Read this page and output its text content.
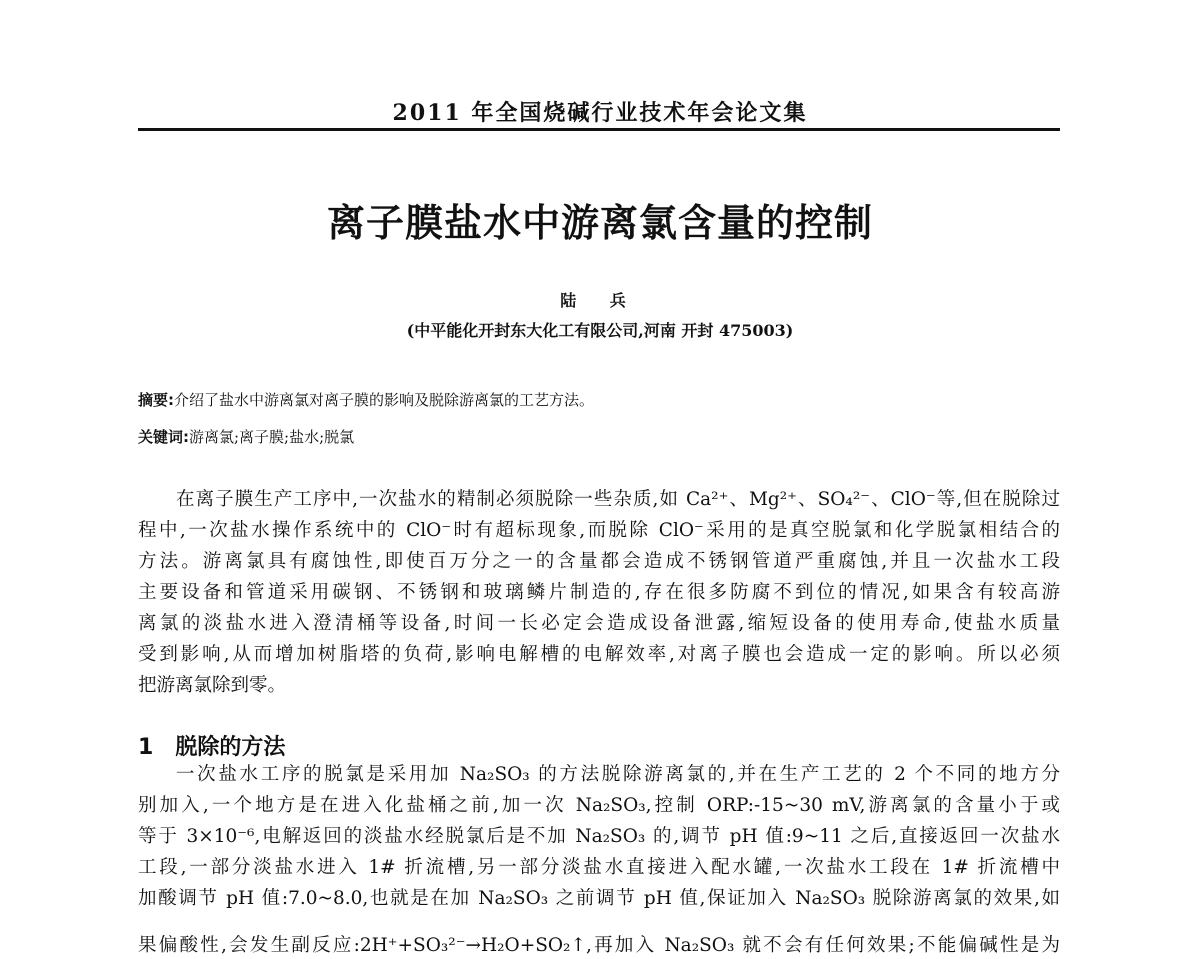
2011 年全国烧碱行业技术年会论文集
离子膜盐水中游离氯含量的控制
陆 兵
(中平能化开封东大化工有限公司,河南 开封 475003)
摘要:介绍了盐水中游离氯对离子膜的影响及脱除游离氯的工艺方法。
关键词:游离氯;离子膜;盐水;脱氯
在离子膜生产工序中,一次盐水的精制必须脱除一些杂质,如 Ca²⁺、Mg²⁺、SO₄²⁻、ClO⁻等,但在脱除过
程中,一次盐水操作系统中的 ClO⁻时有超标现象,而脱除 ClO⁻采用的是真空脱氯和化学脱氯相结合的
方法。游离氯具有腐蚀性,即使百万分之一的含量都会造成不锈钢管道严重腐蚀,并且一次盐水工段
主要设备和管道采用碳钢、不锈钢和玻璃鳞片制造的,存在很多防腐不到位的情况,如果含有较高游
离氯的淡盐水进入澄清桶等设备,时间一长必定会造成设备泄露,缩短设备的使用寿命,使盐水质量
受到影响,从而增加树脂塔的负荷,影响电解槽的电解效率,对离子膜也会造成一定的影响。所以必须
把游离氯除到零。
1 脱除的方法
一次盐水工序的脱氯是采用加 Na₂SO₃ 的方法脱除游离氯的,并在生产工艺的 2 个不同的地方分
别加入,一个地方是在进入化盐桶之前,加一次 Na₂SO₃,控制 ORP:-15~30 mV,游离氯的含量小于或
等于 3×10⁻⁶,电解返回的淡盐水经脱氯后是不加 Na₂SO₃ 的,调节 pH 值:9~11 之后,直接返回一次盐水
工段,一部分淡盐水进入 1# 折流槽,另一部分淡盐水直接进入配水罐,一次盐水工段在 1# 折流槽中
加酸调节 pH 值:7.0~8.0,也就是在加 Na₂SO₃ 之前调节 pH 值,保证加入 Na₂SO₃ 脱除游离氯的效果,如
果偏酸性,会发生副反应:2H⁺+SO₃²⁻→H₂O+SO₂↑,再加入 Na₂SO₃ 就不会有任何效果;不能偏碱性是为
